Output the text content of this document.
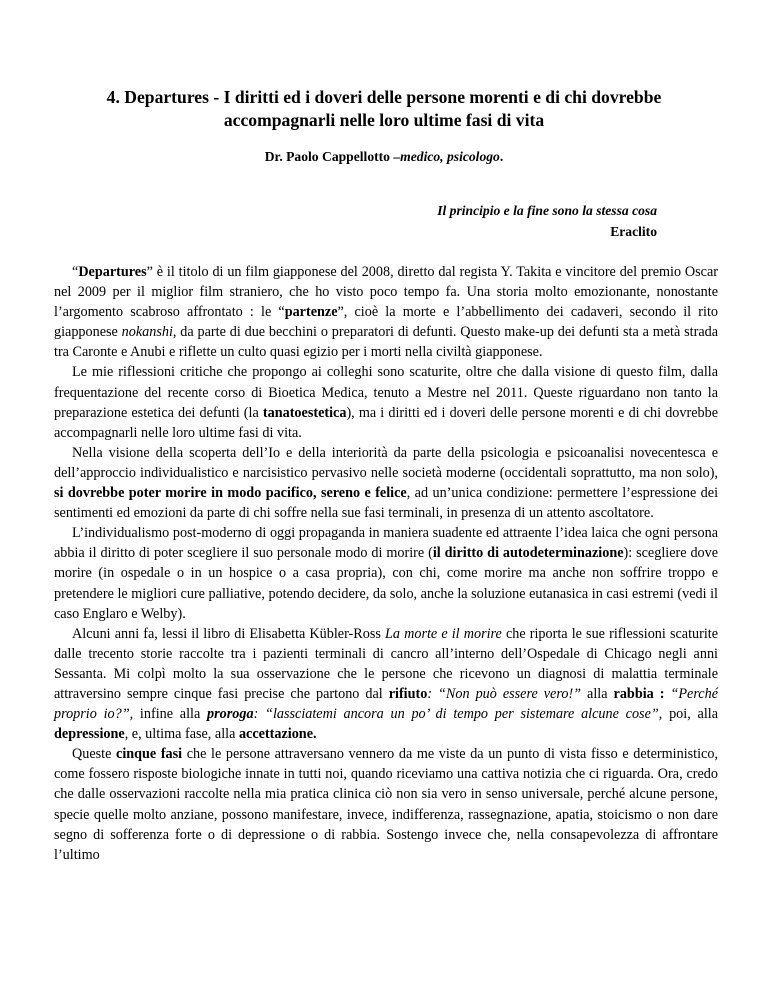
4. Departures - I diritti ed i doveri delle persone morenti e di chi dovrebbe
accompagnarli nelle loro ultime fasi di vita

Dr. Paolo Cappellotto –medico, psicologo.

Il principio e la fine sono la stessa cosa
Eraclito

“Departures” è il titolo di un film giapponese del 2008, diretto dal regista Y. Takita e vincitore del premio Oscar nel 2009 per il miglior film straniero, che ho visto poco tempo fa. Una storia molto emozionante, nonostante l’argomento scabroso affrontato : le “partenze”, cioè la morte e l’abbellimento dei cadaveri, secondo il rito giapponese nokanshi, da parte di due becchini o preparatori di defunti. Questo make-up dei defunti sta a metà strada tra Caronte e Anubi e riflette un culto quasi egizio per i morti nella civiltà giapponese.

Le mie riflessioni critiche che propongo ai colleghi sono scaturite, oltre che dalla visione di questo film, dalla frequentazione del recente corso di Bioetica Medica, tenuto a Mestre nel 2011. Queste riguardano non tanto la preparazione estetica dei defunti (la tanatoestetica), ma i diritti ed i doveri delle persone morenti e di chi dovrebbe accompagnarli nelle loro ultime fasi di vita.

Nella visione della scoperta dell’Io e della interiorità da parte della psicologia e psicoanalisi novecentesca e dell’approccio individualistico e narcisistico pervasivo nelle società moderne (occidentali soprattutto, ma non solo), si dovrebbe poter morire in modo pacifico, sereno e felice, ad un’unica condizione: permettere l’espressione dei sentimenti ed emozioni da parte di chi soffre nella sue fasi terminali, in presenza di un attento ascoltatore.

L’individualismo post-moderno di oggi propaganda in maniera suadente ed attraente l’idea laica che ogni persona abbia il diritto di poter scegliere il suo personale modo di morire (il diritto di autodeterminazione): scegliere dove morire (in ospedale o in un hospice o a casa propria), con chi, come morire ma anche non soffrire troppo e pretendere le migliori cure palliative, potendo decidere, da solo, anche la soluzione eutanasica in casi estremi (vedi il caso Englaro e Welby).

Alcuni anni fa, lessi il libro di Elisabetta Kübler-Ross La morte e il morire che riporta le sue riflessioni scaturite dalle trecento storie raccolte tra i pazienti terminali di cancro all’interno dell’Ospedale di Chicago negli anni Sessanta. Mi colpì molto la sua osservazione che le persone che ricevono un diagnosi di malattia terminale attraversino sempre cinque fasi precise che partono dal rifiuto: “Non può essere vero!” alla rabbia : “Perché proprio io?”, infine alla proroga: “lassciatemi ancora un po’ di tempo per sistemare alcune cose”, poi, alla depressione, e, ultima fase, alla accettazione.

Queste cinque fasi che le persone attraversano vennero da me viste da un punto di vista fisso e deterministico, come fossero risposte biologiche innate in tutti noi, quando riceviamo una cattiva notizia che ci riguarda. Ora, credo che dalle osservazioni raccolte nella mia pratica clinica ciò non sia vero in senso universale, perché alcune persone, specie quelle molto anziane, possono manifestare, invece, indifferenza, rassegnazione, apatia, stoicismo o non dare segno di sofferenza forte o di depressione o di rabbia. Sostengo invece che, nella consapevolezza di affrontare l’ultimo
